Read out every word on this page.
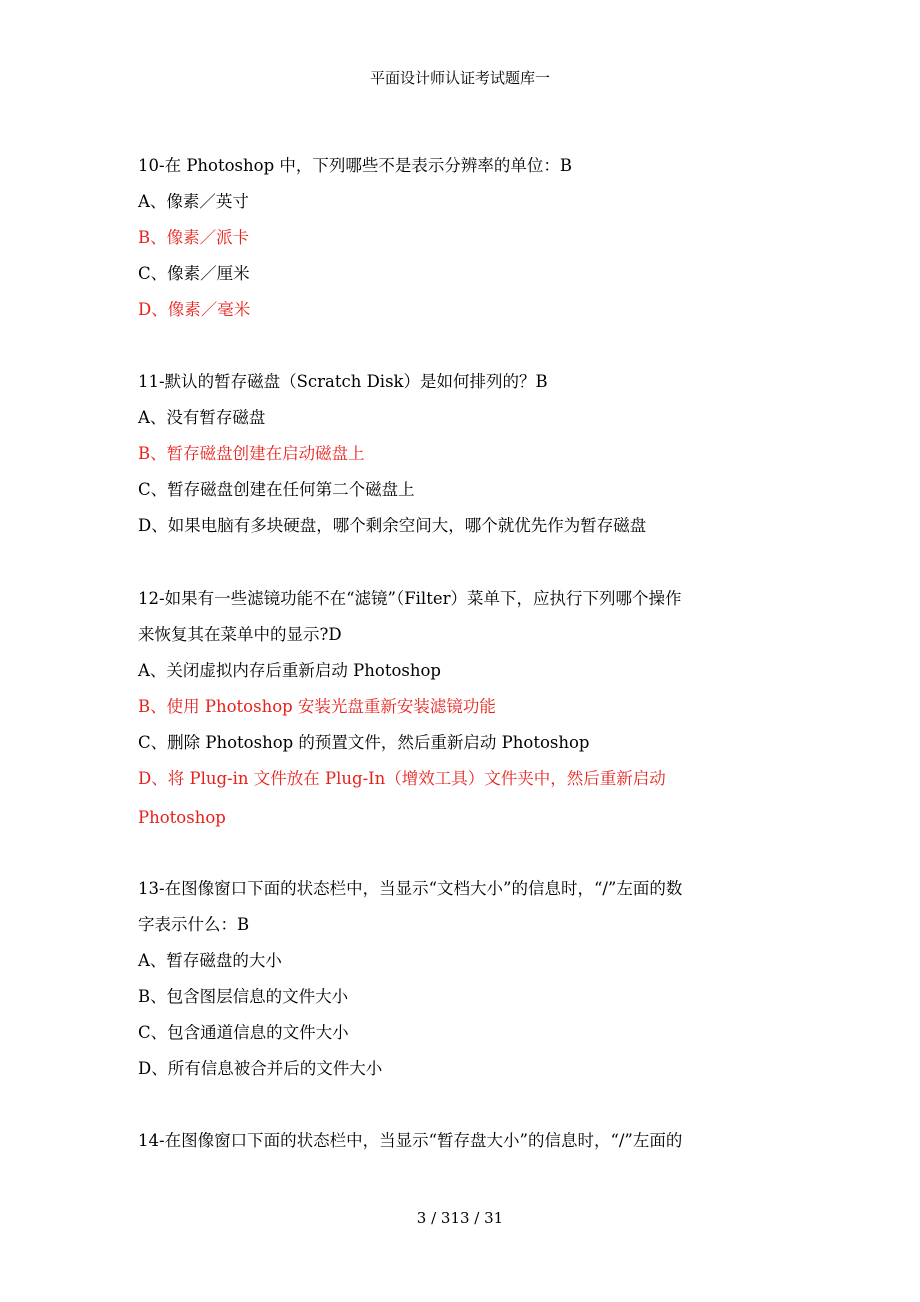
平面设计师认证考试题库一
10-在 Photoshop 中，下列哪些不是表示分辨率的单位：B
A、像素／英寸
B、像素／派卡
C、像素／厘米
D、像素／毫米
11-默认的暂存磁盘（Scratch Disk）是如何排列的？B
A、没有暂存磁盘
B、暂存磁盘创建在启动磁盘上
C、暂存磁盘创建在任何第二个磁盘上
D、如果电脑有多块硬盘，哪个剩余空间大，哪个就优先作为暂存磁盘
12-如果有一些滤镜功能不在“滤镜”（Filter）菜单下，应执行下列哪个操作
来恢复其在菜单中的显示?D
A、关闭虚拟内存后重新启动 Photoshop
B、使用 Photoshop 安装光盘重新安装滤镜功能
C、删除 Photoshop 的预置文件，然后重新启动 Photoshop
D、将 Plug-in 文件放在 Plug-In（增效工具）文件夹中，然后重新启动
Photoshop
13-在图像窗口下面的状态栏中，当显示“文档大小”的信息时，“/”左面的数
字表示什么：B
A、暂存磁盘的大小
B、包含图层信息的文件大小
C、包含通道信息的文件大小
D、所有信息被合并后的文件大小
14-在图像窗口下面的状态栏中，当显示“暂存盘大小”的信息时，“/”左面的
3 / 313 / 31
